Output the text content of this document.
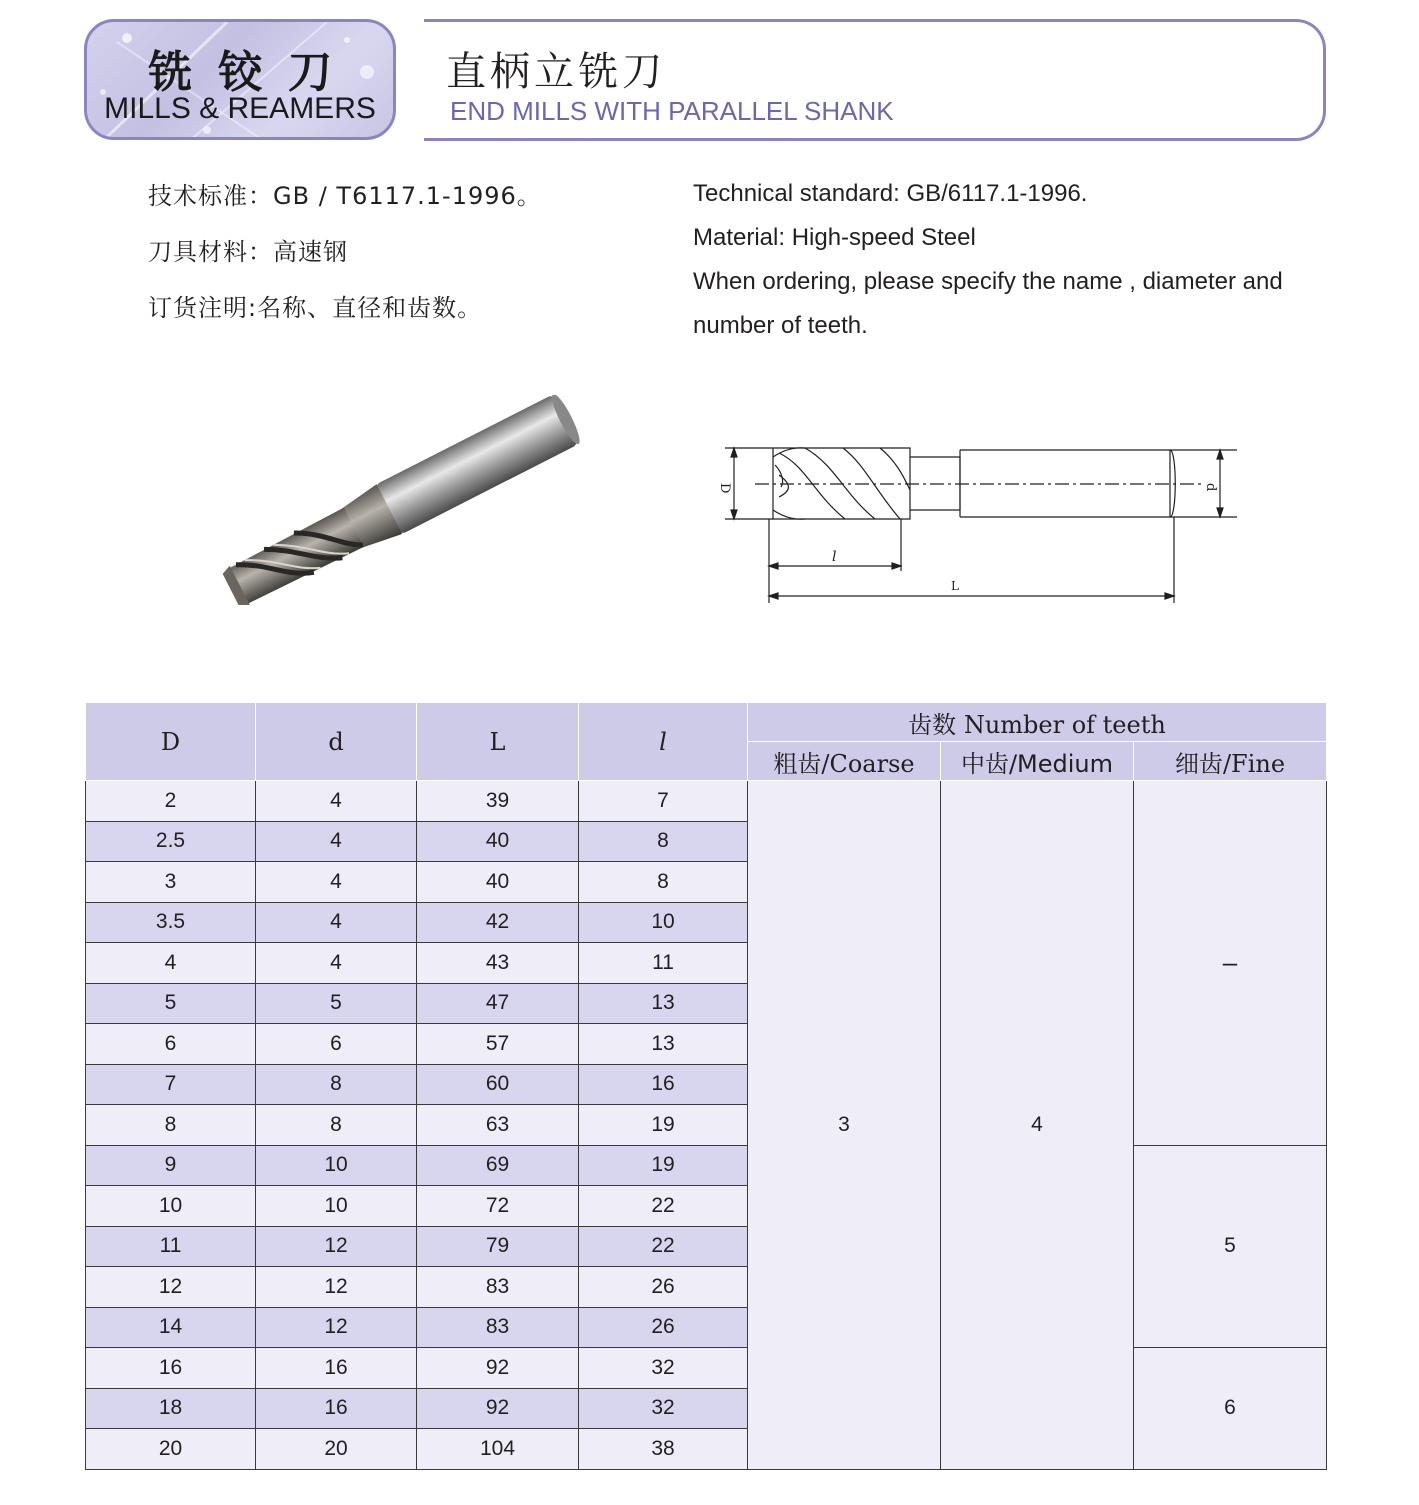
铣铰刀
MILLS & REAMERS
直柄立铣刀
END MILLS WITH PARALLEL SHANK
技术标准：GB / T6117.1-1996。
刀具材料：高速钢
订货注明:名称、直径和齿数。
Technical standard: GB/6117.1-1996.
Material: High-speed Steel
When ordering, please specify the name , diameter and number of teeth.
D	d
l
L
D	d	L	l	齿数 Number of teeth		
				粗齿/Coarse	中齿/Medium	细齿/Fine
2	4	39	7	3	4	–
2.5	4	40	8			
3	4	40	8			
3.5	4	42	10			
4	4	43	11			
5	5	47	13			
6	6	57	13			
7	8	60	16			
8	8	63	19			
9	10	69	19			5
10	10	72	22			
11	12	79	22			
12	12	83	26			
14	12	83	26			
16	16	92	32			6
18	16	92	32			
20	20	104	38			
